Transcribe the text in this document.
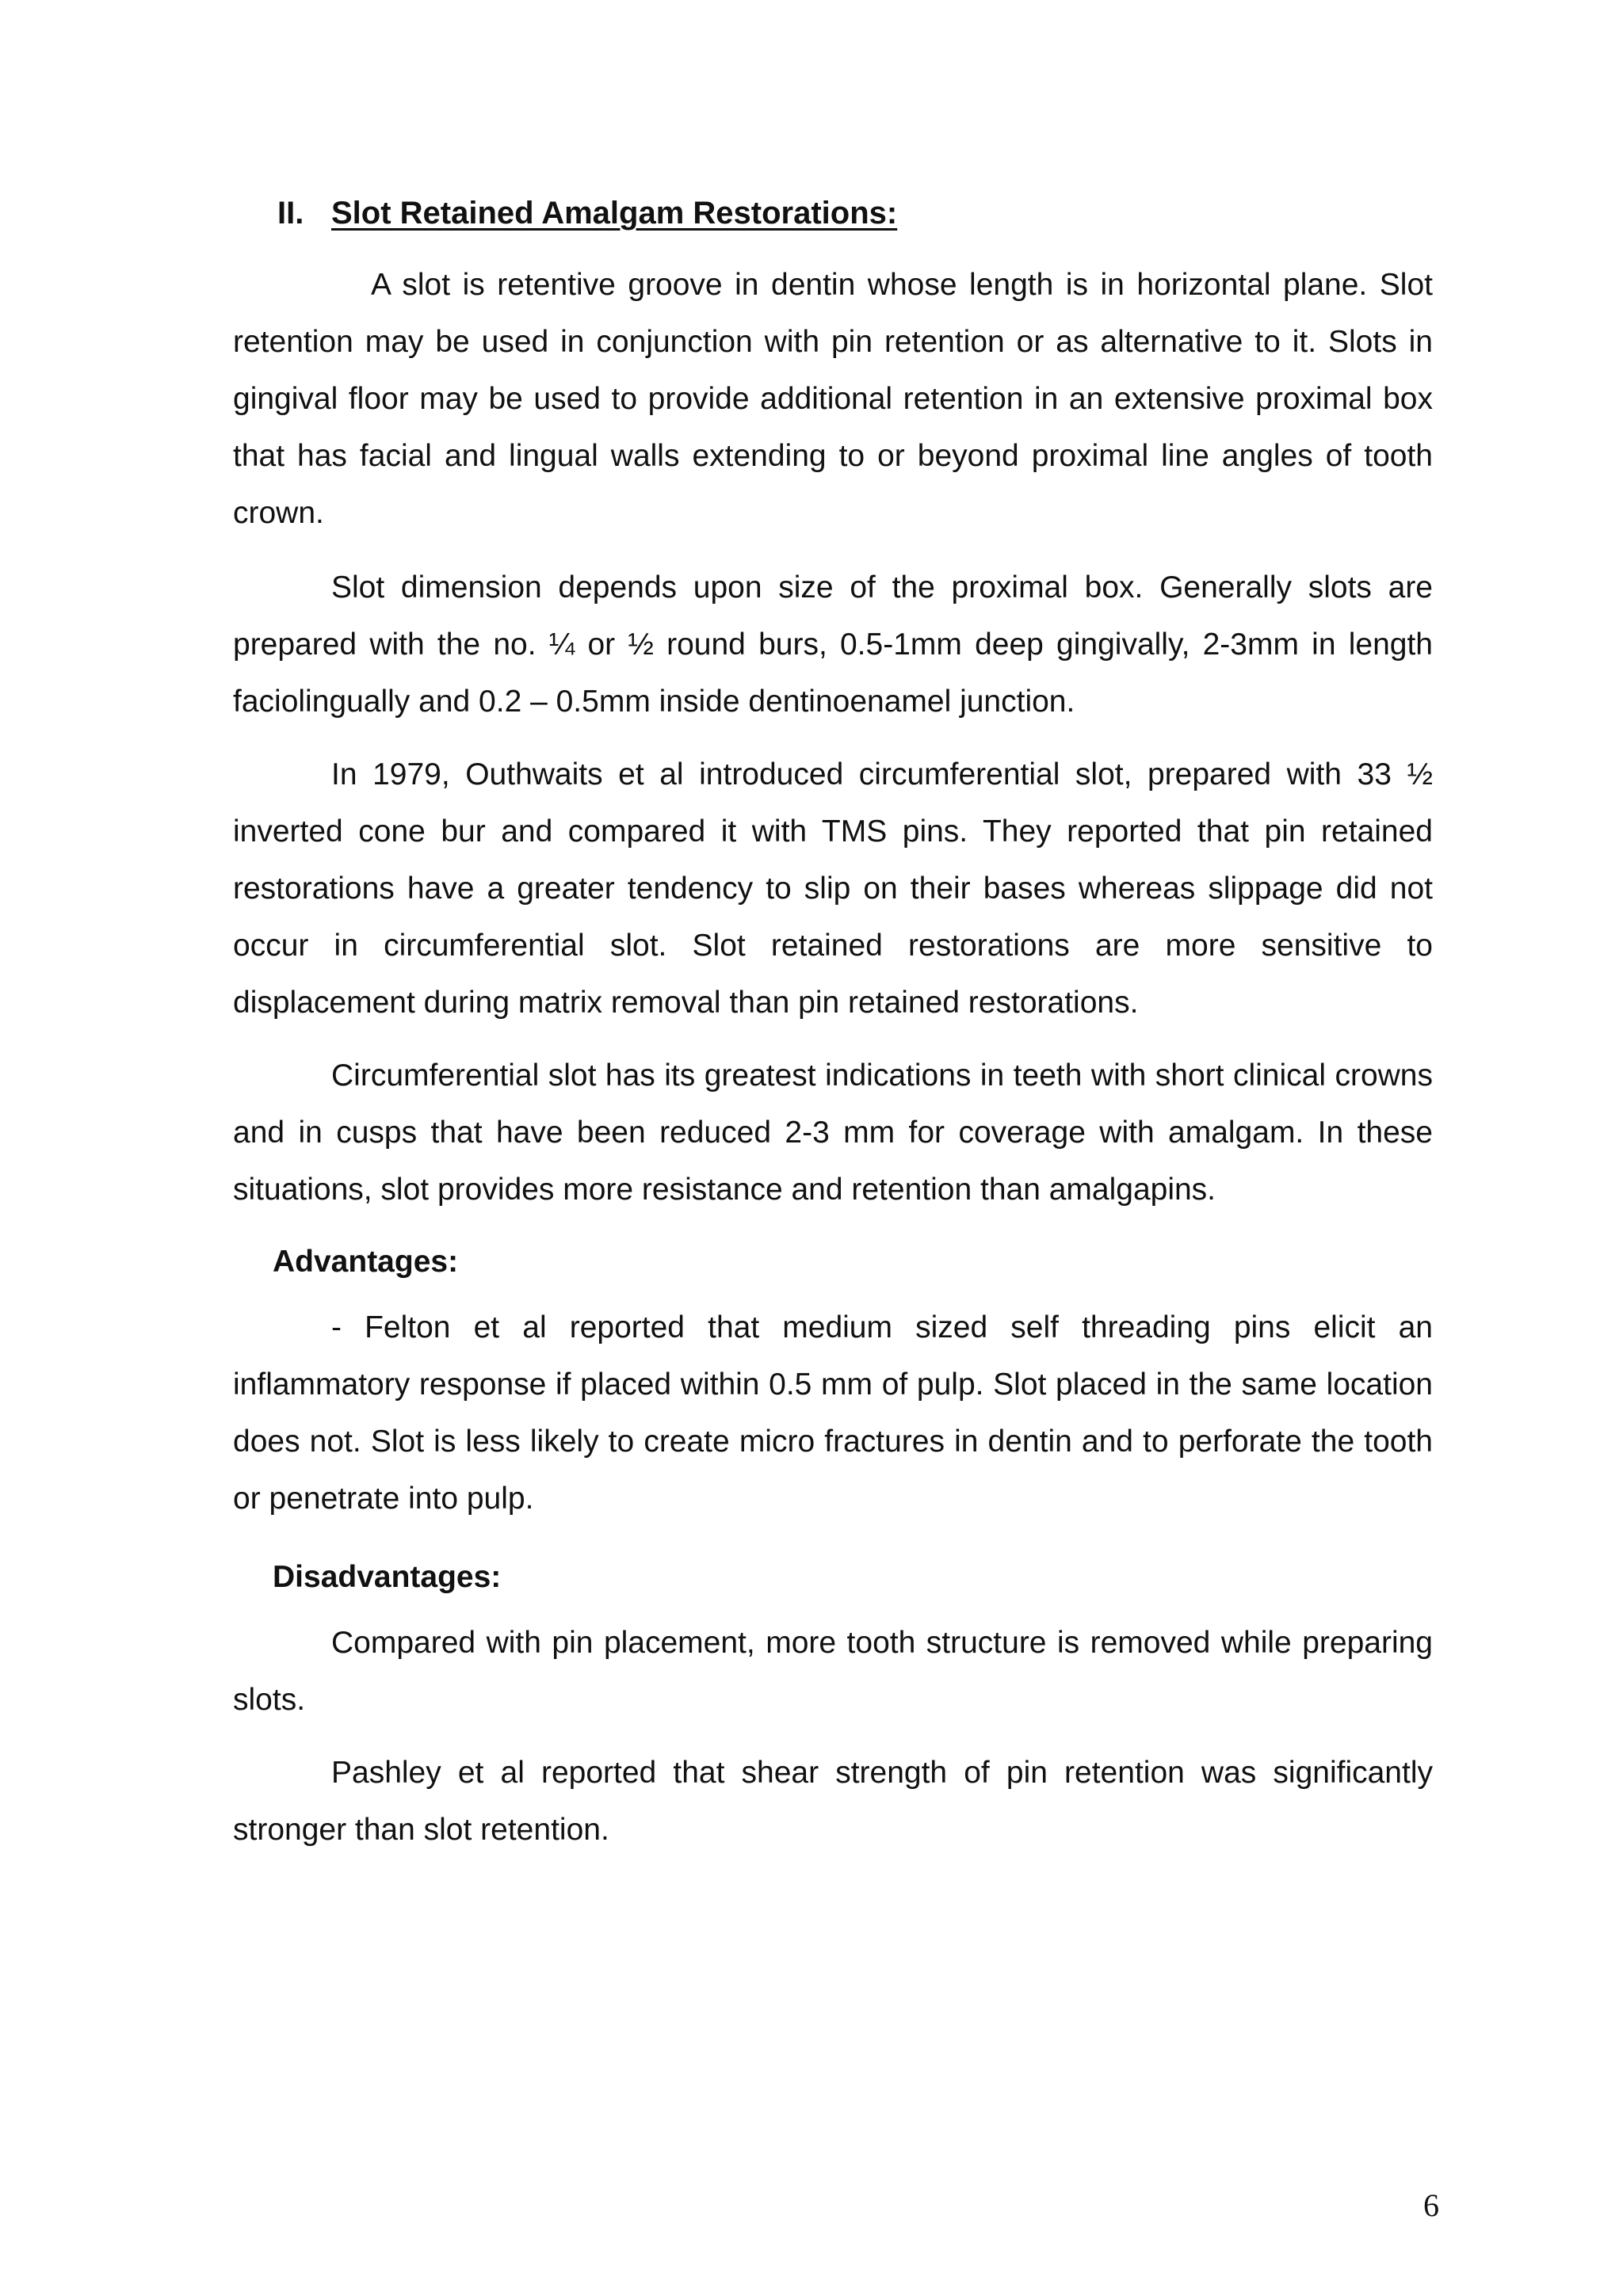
II. Slot Retained Amalgam Restorations:

A slot is retentive groove in dentin whose length is in horizontal plane. Slot retention may be used in conjunction with pin retention or as alternative to it. Slots in gingival floor may be used to provide additional retention in an extensive proximal box that has facial and lingual walls extending to or beyond proximal line angles of tooth crown.

Slot dimension depends upon size of the proximal box. Generally slots are prepared with the no. ¼ or ½ round burs, 0.5-1mm deep gingivally, 2-3mm in length faciolingually and 0.2 – 0.5mm inside dentinoenamel junction.

In 1979, Outhwaits et al introduced circumferential slot, prepared with 33 ½ inverted cone bur and compared it with TMS pins. They reported that pin retained restorations have a greater tendency to slip on their bases whereas slippage did not occur in circumferential slot. Slot retained restorations are more sensitive to displacement during matrix removal than pin retained restorations.

Circumferential slot has its greatest indications in teeth with short clinical crowns and in cusps that have been reduced 2-3 mm for coverage with amalgam. In these situations, slot provides more resistance and retention than amalgapins.

Advantages:

- Felton et al reported that medium sized self threading pins elicit an inflammatory response if placed within 0.5 mm of pulp. Slot placed in the same location does not. Slot is less likely to create micro fractures in dentin and to perforate the tooth or penetrate into pulp.

Disadvantages:

Compared with pin placement, more tooth structure is removed while preparing slots.

Pashley et al reported that shear strength of pin retention was significantly stronger than slot retention.

6
